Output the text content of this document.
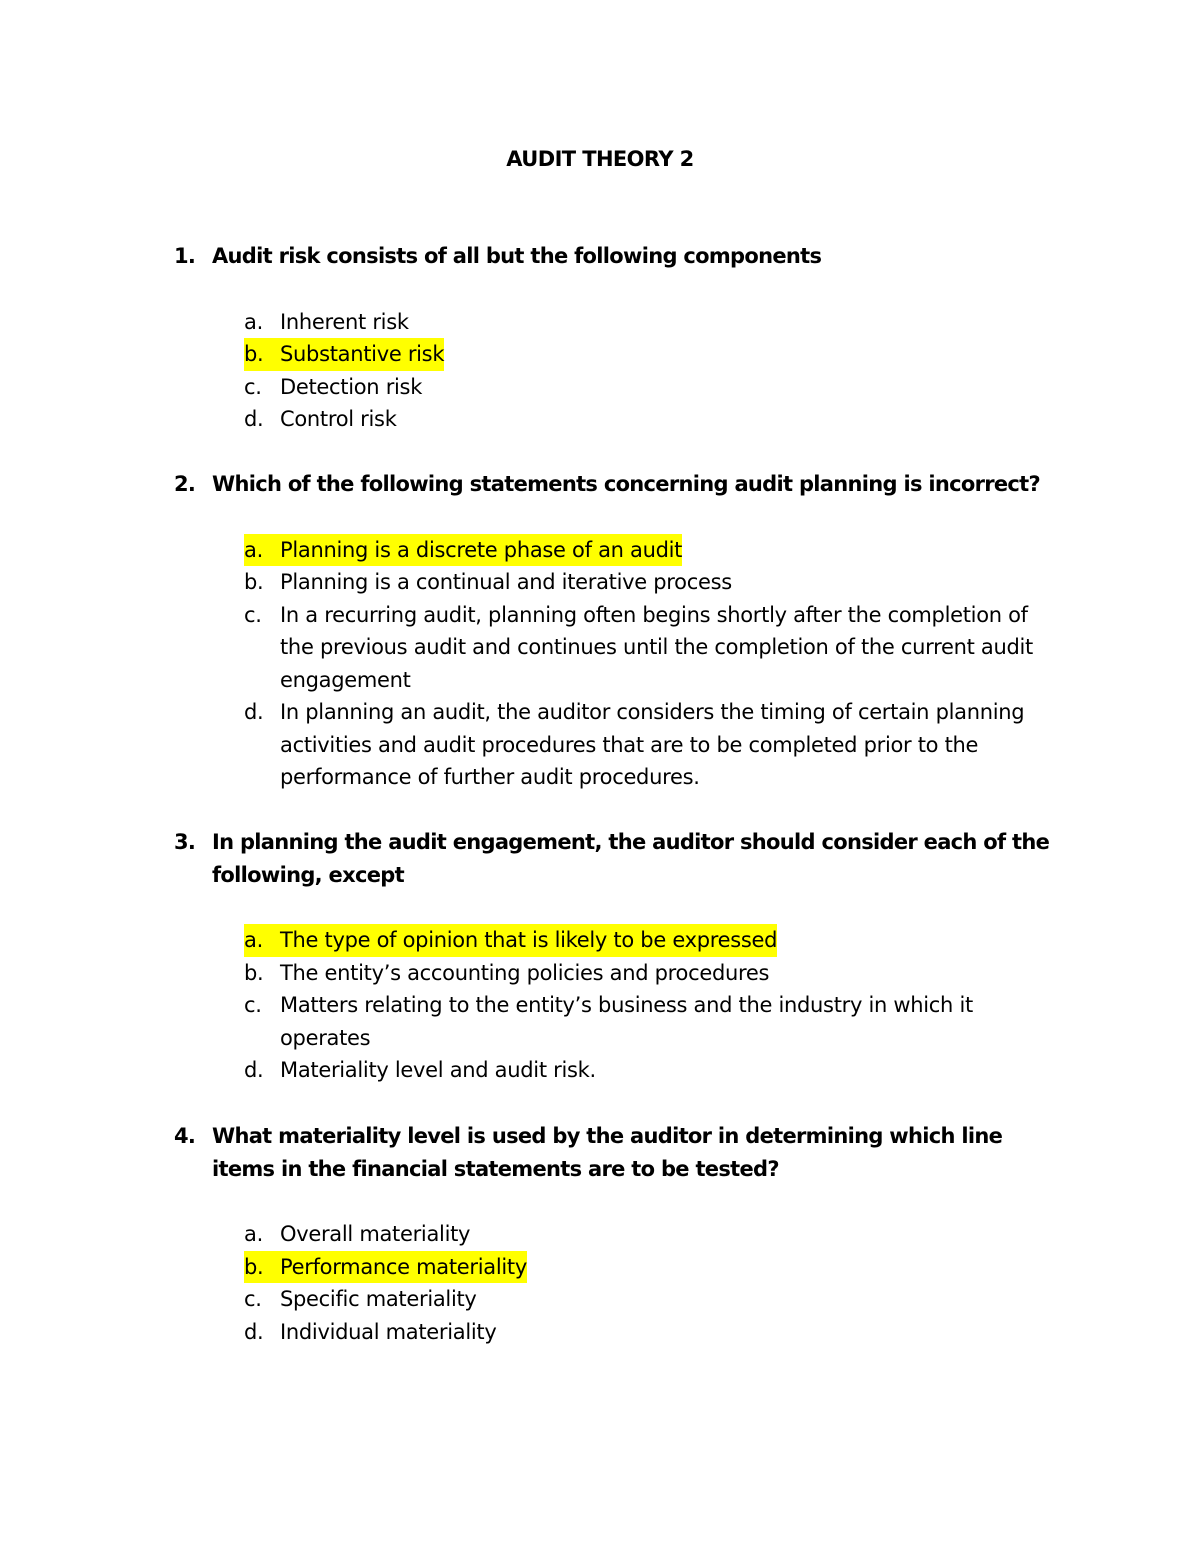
AUDIT THEORY 2
1. Audit risk consists of all but the following components
a. Inherent risk
b. Substantive risk
c. Detection risk
d. Control risk
2. Which of the following statements concerning audit planning is incorrect?
a. Planning is a discrete phase of an audit
b. Planning is a continual and iterative process
c. In a recurring audit, planning often begins shortly after the completion of the previous audit and continues until the completion of the current audit engagement
d. In planning an audit, the auditor considers the timing of certain planning activities and audit procedures that are to be completed prior to the performance of further audit procedures.
3. In planning the audit engagement, the auditor should consider each of the following, except
a. The type of opinion that is likely to be expressed
b. The entity’s accounting policies and procedures
c. Matters relating to the entity’s business and the industry in which it operates
d. Materiality level and audit risk.
4. What materiality level is used by the auditor in determining which line items in the financial statements are to be tested?
a. Overall materiality
b. Performance materiality
c. Specific materiality
d. Individual materiality
